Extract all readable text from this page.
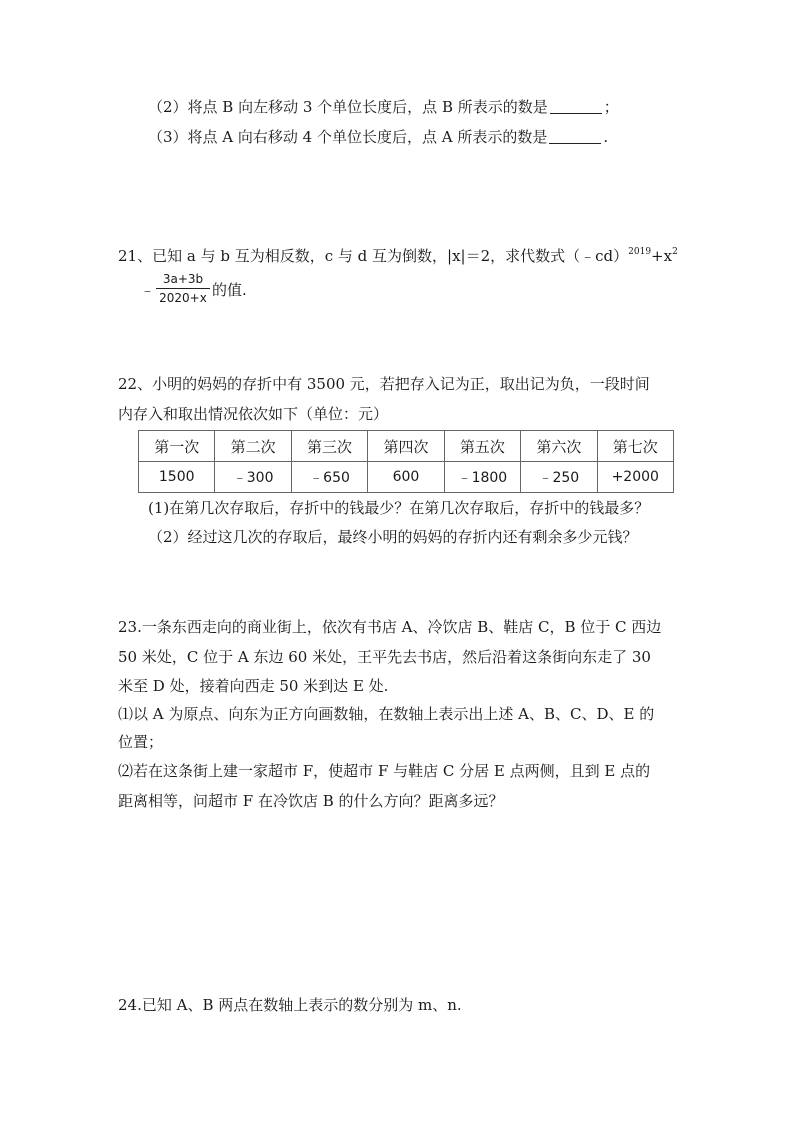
（2）将点 B 向左移动 3 个单位长度后，点 B 所表示的数是	；
（3）将点 A 向右移动 4 个单位长度后，点 A 所表示的数是	.
21、已知 a 与 b 互为相反数，c 与 d 互为倒数，|x|＝2，求代数式$(﹣cd)^{2019}+x^2$
﹣ $\frac{3a+3b}{2020+x}$ 的值.
22、小明的妈妈的存折中有 3500 元，若把存入记为正，取出记为负，一段时间
内存入和取出情况依次如下（单位：元）
第一次	第二次	第三次	第四次	第五次	第六次	第七次
1500	﹣300	﹣650	600	﹣1800	﹣250	+2000
(1)在第几次存取后，存折中的钱最少？在第几次存取后，存折中的钱最多？
（2）经过这几次的存取后，最终小明的妈妈的存折内还有剩余多少元钱？
23.一条东西走向的商业街上，依次有书店 A、冷饮店 B、鞋店 C，B 位于 C 西边
50 米处，C 位于 A 东边 60 米处，王平先去书店，然后沿着这条街向东走了 30
米至 D 处，接着向西走 50 米到达 E 处.
⑴以 A 为原点、向东为正方向画数轴，在数轴上表示出上述 A、B、C、D、E 的
位置；
⑵若在这条街上建一家超市 F，使超市 F 与鞋店 C 分居 E 点两侧，且到 E 点的
距离相等，问超市 F 在冷饮店 B 的什么方向？距离多远？
24.已知 A、B 两点在数轴上表示的数分别为 m、n.
